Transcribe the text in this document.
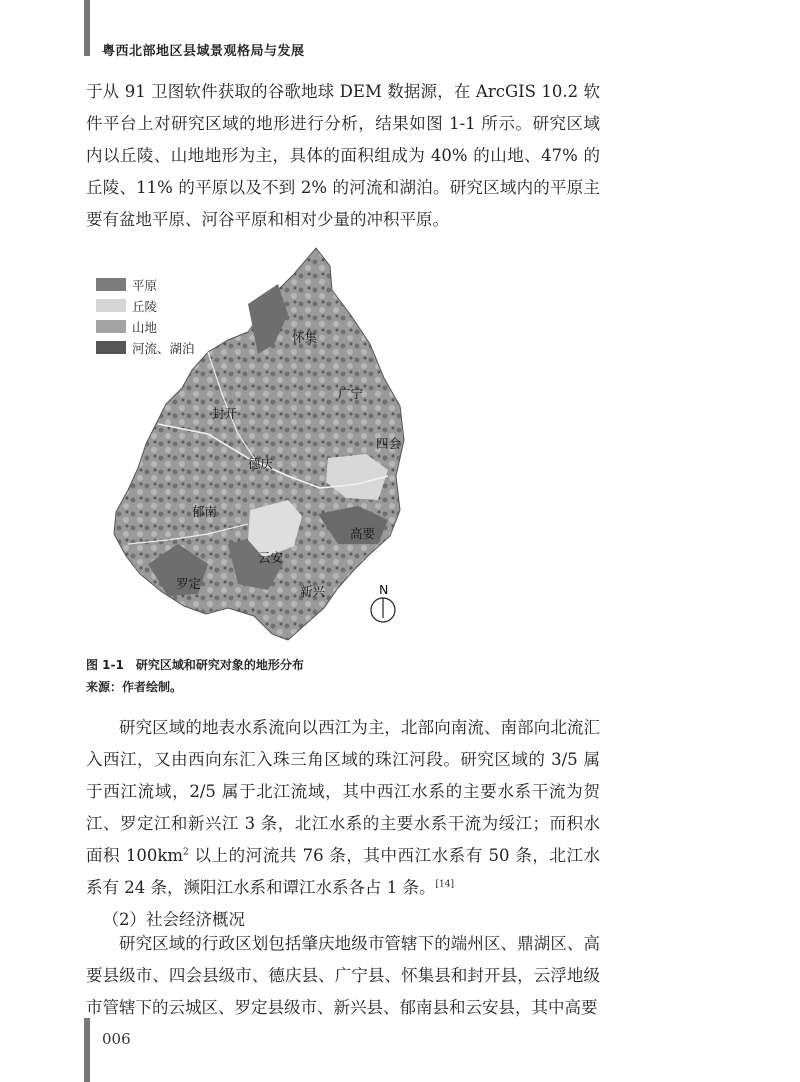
粤西北部地区县域景观格局与发展

于从 91 卫图软件获取的谷歌地球 DEM 数据源，在 ArcGIS 10.2 软件平台上对研究区域的地形进行分析，结果如图 1-1 所示。研究区域内以丘陵、山地地形为主，具体的面积组成为 40% 的山地、47% 的丘陵、11% 的平原以及不到 2% 的河流和湖泊。研究区域内的平原主要有盆地平原、河谷平原和相对少量的冲积平原。

怀集
广宁
封开
四会
德庆
郁南
高要
云安
罗定
新兴	N
平原
丘陵
山地
河流、湖泊
图 1-1　研究区域和研究对象的地形分布
来源：作者绘制。

研究区域的地表水系流向以西江为主，北部向南流、南部向北流汇入西江，又由西向东汇入珠三角区域的珠江河段。研究区域的 3/5 属于西江流域，2/5 属于北江流域，其中西江水系的主要水系干流为贺江、罗定江和新兴江 3 条，北江水系的主要水系干流为绥江；而积水面积 $100km^2$ 以上的河流共 76 条，其中西江水系有 50 条，北江水系有 24 条，濒阳江水系和谭江水系各占 1 条。[14]

（2）社会经济概况

研究区域的行政区划包括肇庆地级市管辖下的端州区、鼎湖区、高要县级市、四会县级市、德庆县、广宁县、怀集县和封开县，云浮地级市管辖下的云城区、罗定县级市、新兴县、郁南县和云安县，其中高要

006
